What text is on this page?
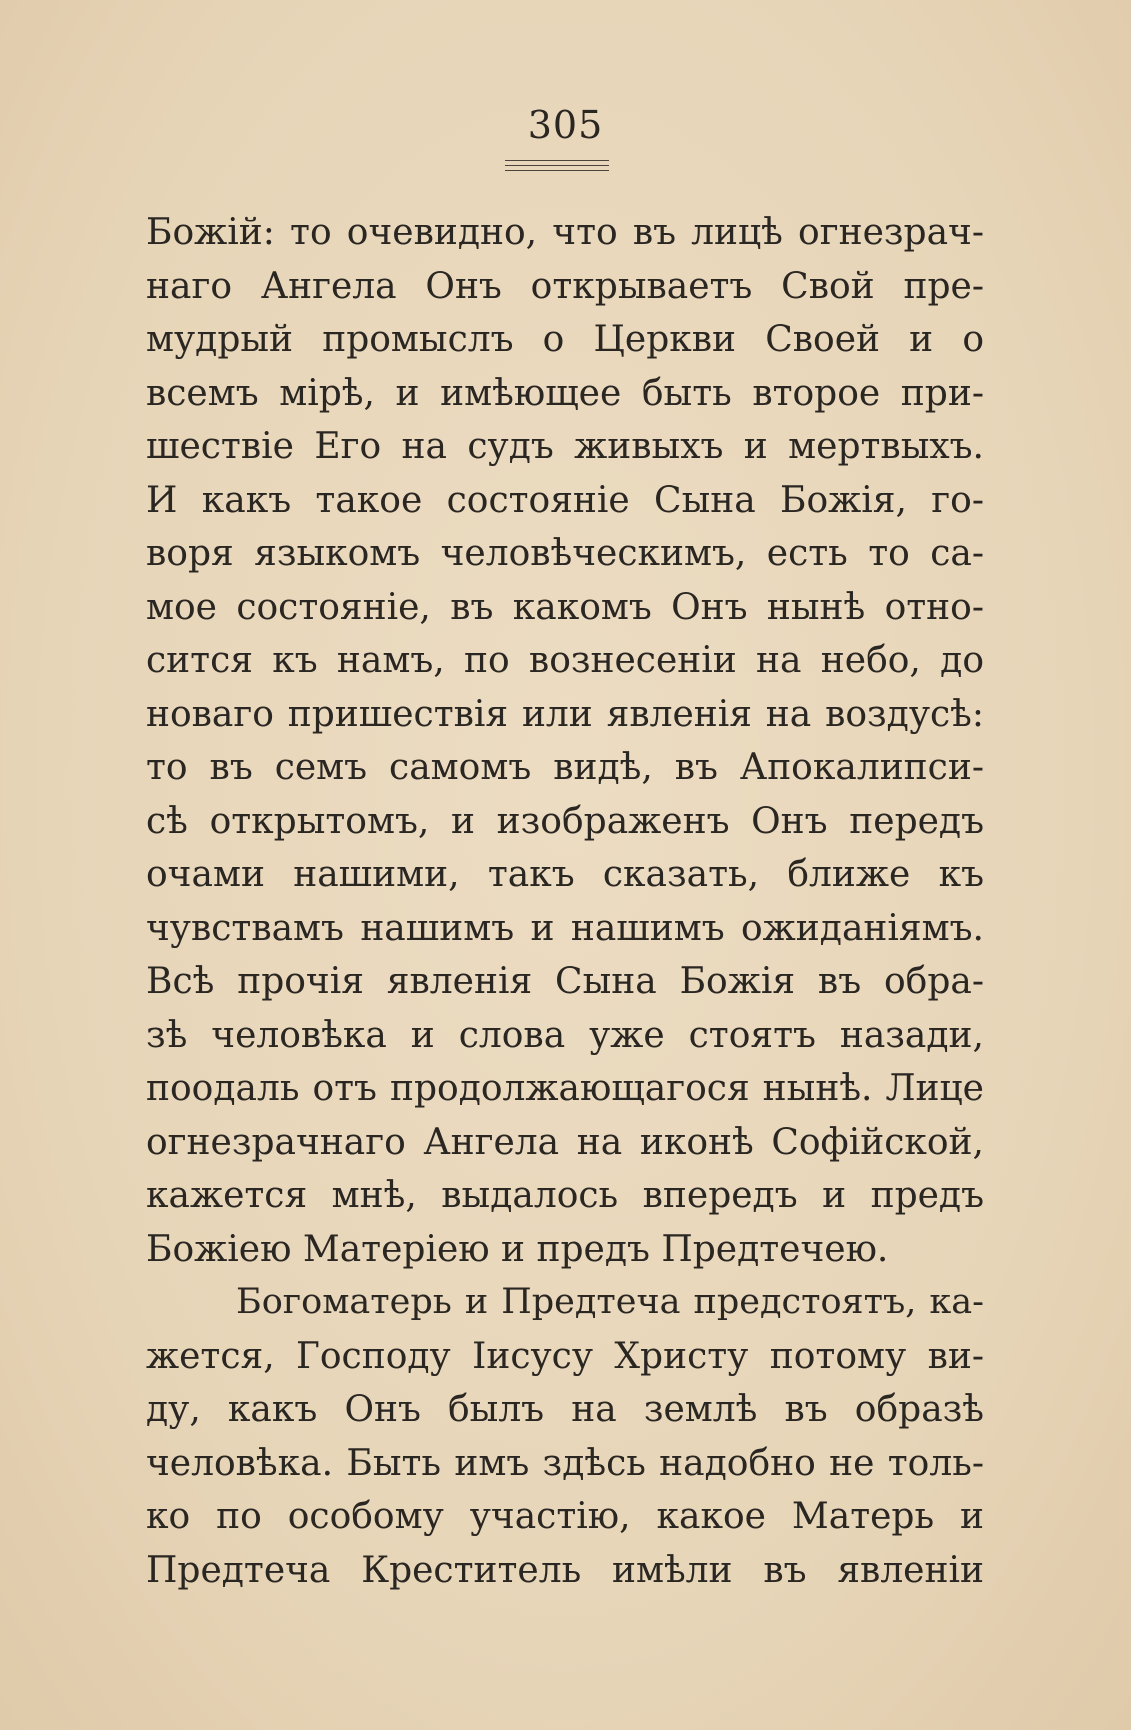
305
Божій: то очевидно, что въ лицѣ огнезрач-
наго Ангела Онъ открываетъ Свой пре-
мудрый промыслъ о Церкви Своей и о
всемъ мірѣ, и имѣющее быть второе при-
шествіе Его на судъ живыхъ и мертвыхъ.
И какъ такое состояніе Сына Божія, го-
воря языкомъ человѣческимъ, есть то са-
мое состояніе, въ какомъ Онъ нынѣ отно-
сится къ намъ, по вознесеніи на небо, до
новаго пришествія или явленія на воздусѣ:
то въ семъ самомъ видѣ, въ Апокалипси-
сѣ открытомъ, и изображенъ Онъ передъ
очами нашими, такъ сказать, ближе къ
чувствамъ нашимъ и нашимъ ожиданіямъ.
Всѣ прочія явленія Сына Божія въ обра-
зѣ человѣка и слова уже стоятъ назади,
поодаль отъ продолжающагося нынѣ. Лице
огнезрачнаго Ангела на иконѣ Софійской,
кажется мнѣ, выдалось впередъ и предъ
Божіею Матеріею и предъ Предтечею.
Богоматерь и Предтеча предстоятъ, ка-
жется, Господу Іисусу Христу потому ви-
ду, какъ Онъ былъ на землѣ въ образѣ
человѣка. Быть имъ здѣсь надобно не толь-
ко по особому участію, какое Матерь и
Предтеча Креститель имѣли въ явленіи
